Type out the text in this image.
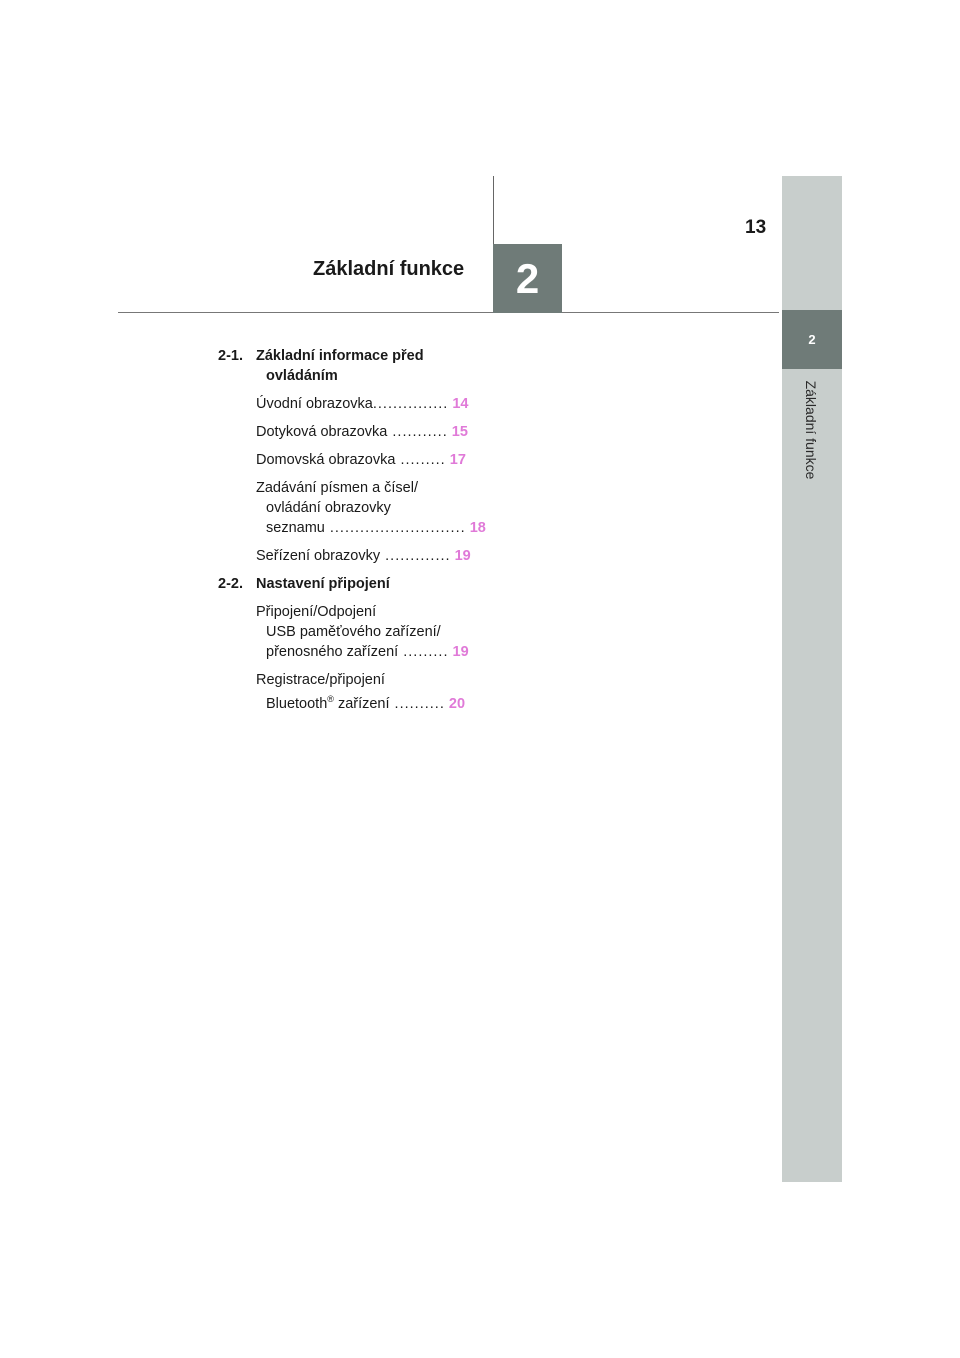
2
Základní funkce
13
2
Základní funkce
2-1. Základní informace před
ovládáním
Úvodní obrazovka............... 14
Dotyková obrazovka ........... 15
Domovská obrazovka ......... 17
Zadávání písmen a čísel/
ovládání obrazovky
seznamu ........................... 18
Seřízení obrazovky ............. 19
2-2. Nastavení připojení
Připojení/Odpojení
USB paměťového zařízení/
přenosného zařízení ......... 19
Registrace/připojení
Bluetooth® zařízení .......... 20
